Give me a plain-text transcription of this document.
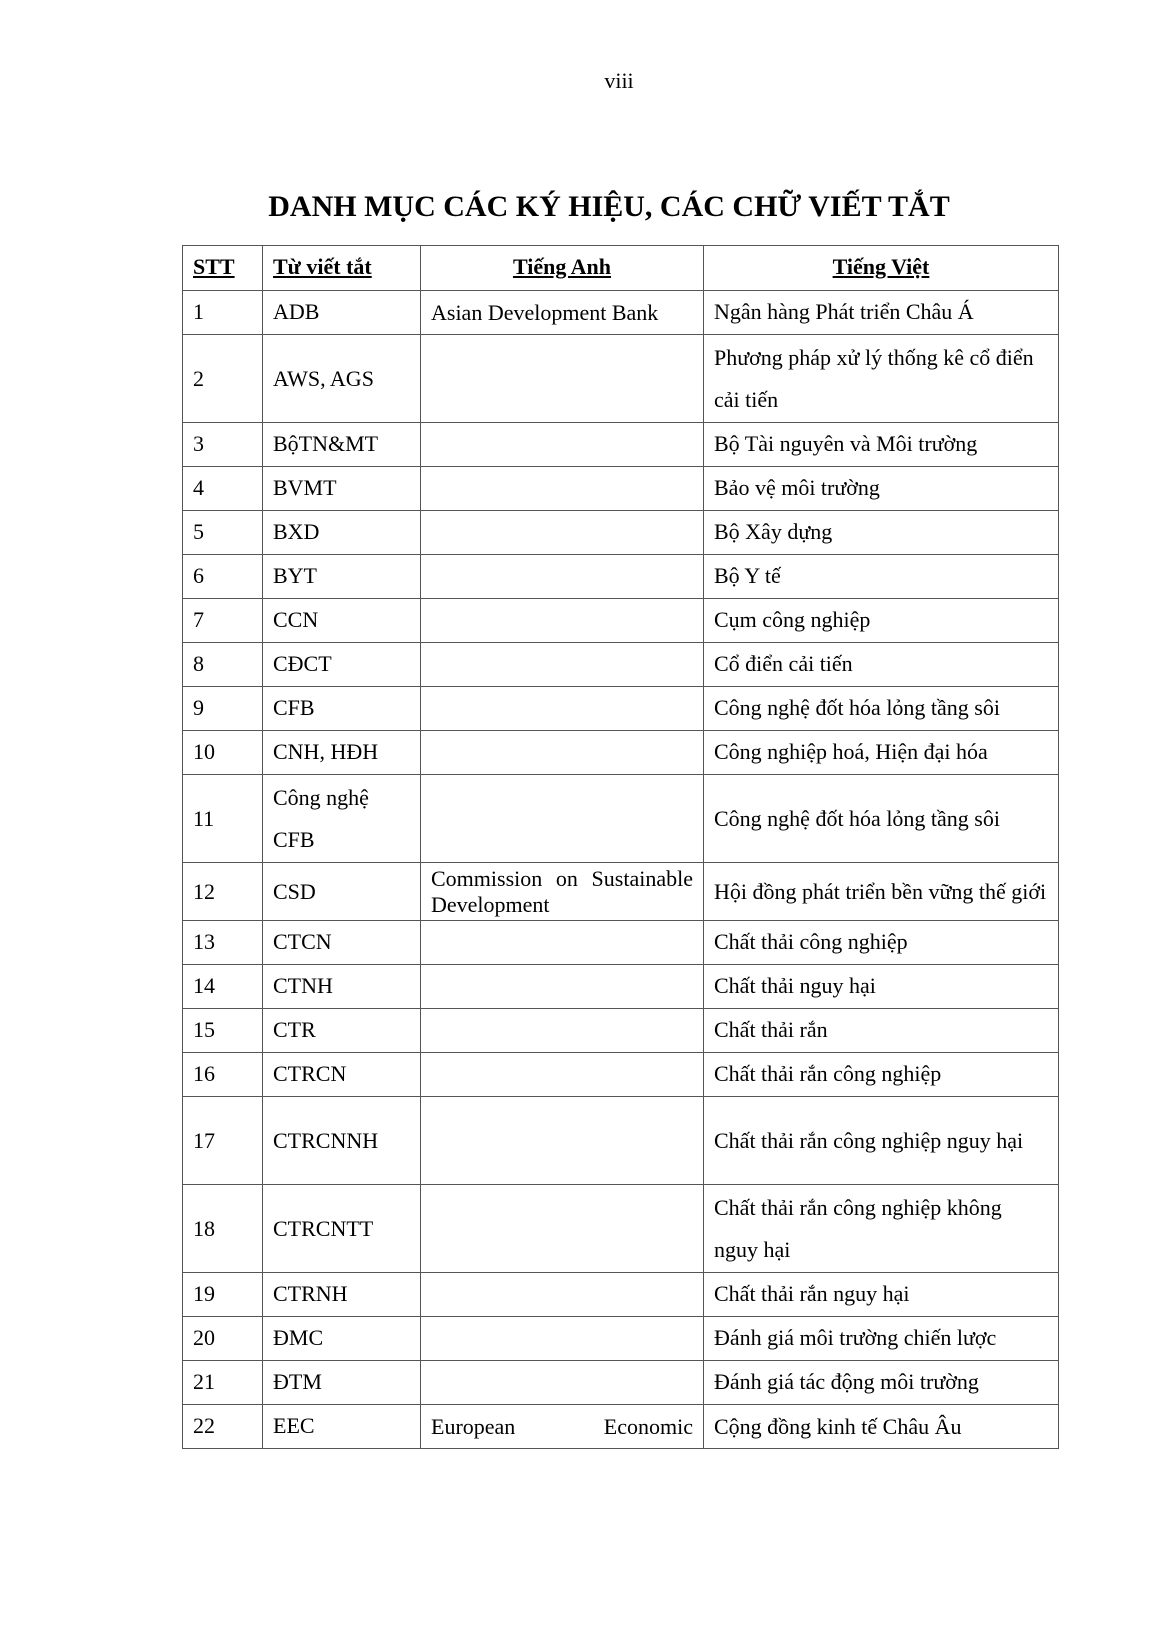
viii
DANH MỤC CÁC KÝ HIỆU, CÁC CHỮ VIẾT TẮT
STT	Từ viết tắt	Tiếng Anh	Tiếng Việt
1	ADB	Asian Development Bank	Ngân hàng Phát triển Châu Á
2	AWS, AGS		Phương pháp xử lý thống kê cổ điển cải tiến
3	BộTN&MT		Bộ Tài nguyên và Môi trường
4	BVMT		Bảo vệ môi trường
5	BXD		Bộ Xây dựng
6	BYT		Bộ Y tế
7	CCN		Cụm công nghiệp
8	CĐCT		Cổ điển cải tiến
9	CFB		Công nghệ đốt hóa lỏng tầng sôi
10	CNH, HĐH		Công nghiệp hoá, Hiện đại hóa
11	Công nghệ CFB		Công nghệ đốt hóa lỏng tầng sôi
12	CSD	Commission on Sustainable Development	Hội đồng phát triển bền vững thế giới
13	CTCN		Chất thải công nghiệp
14	CTNH		Chất thải nguy hại
15	CTR		Chất thải rắn
16	CTRCN		Chất thải rắn công nghiệp
17	CTRCNNH		Chất thải rắn công nghiệp nguy hại
18	CTRCNTT		Chất thải rắn công nghiệp không nguy hại
19	CTRNH		Chất thải rắn nguy hại
20	ĐMC		Đánh giá môi trường chiến lược
21	ĐTM		Đánh giá tác động môi trường
22	EEC	European Economic	Cộng đồng kinh tế Châu Âu
